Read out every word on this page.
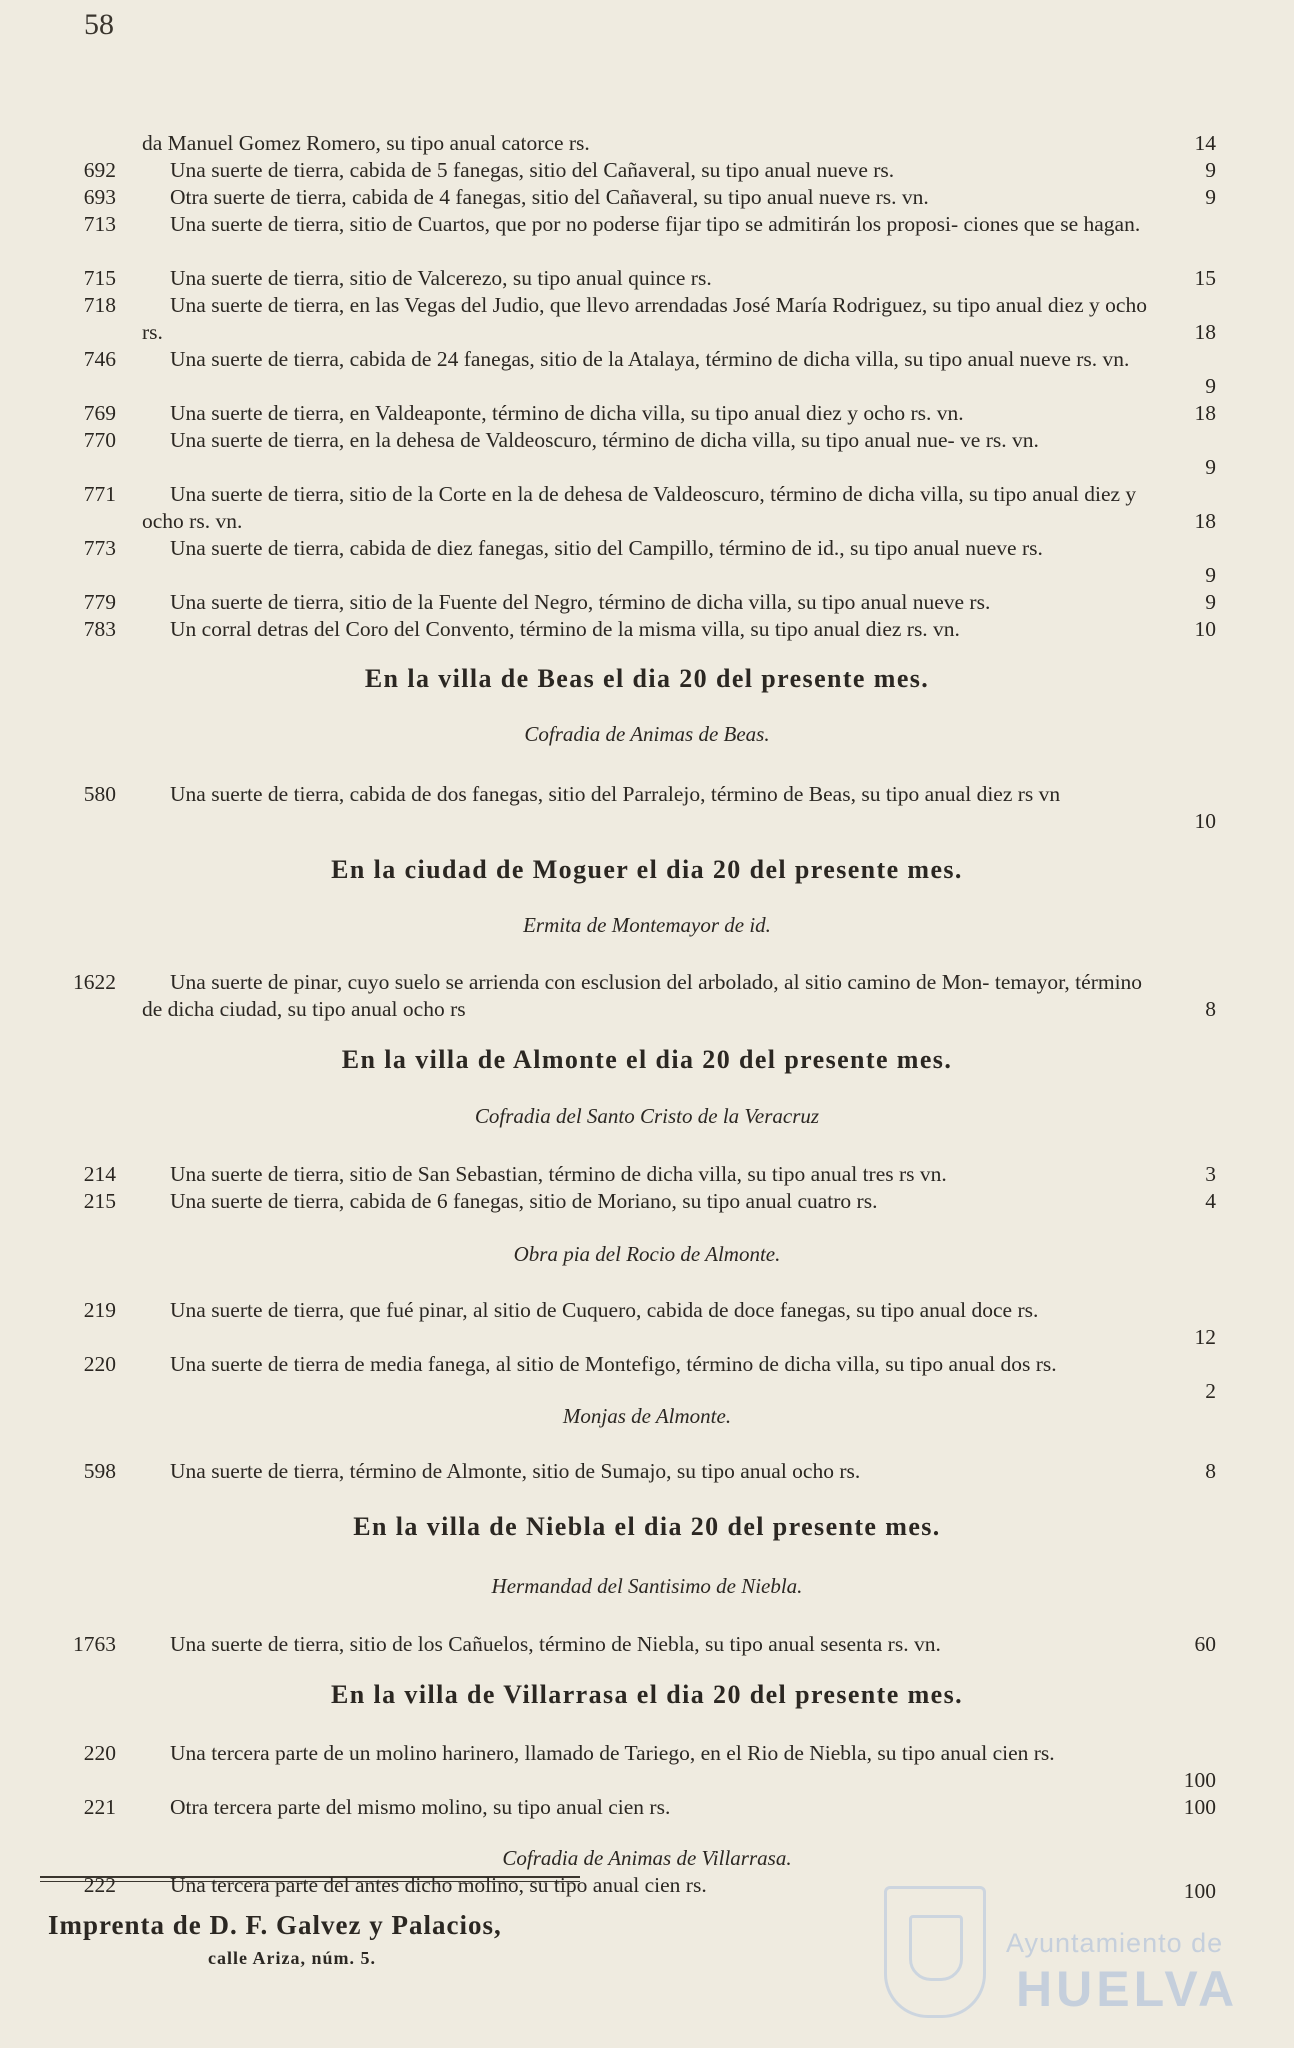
58
da Manuel Gomez Romero, su tipo anual catorce rs.	14
692	Una suerte de tierra, cabida de 5 fanegas, sitio del Cañaveral, su tipo anual nueve rs.	9
693	Otra suerte de tierra, cabida de 4 fanegas, sitio del Cañaveral, su tipo anual nueve rs. vn.	9
713	Una suerte de tierra, sitio de Cuartos, que por no poderse fijar tipo se admitirán los proposi- ciones que se hagan.
715	Una suerte de tierra, sitio de Valcerezo, su tipo anual quince rs.	15
718	Una suerte de tierra, en las Vegas del Judio, que llevo arrendadas José María Rodriguez, su tipo anual diez y ocho rs.	18
746	Una suerte de tierra, cabida de 24 fanegas, sitio de la Atalaya, término de dicha villa, su tipo anual nueve rs. vn.
9
769	Una suerte de tierra, en Valdeaponte, término de dicha villa, su tipo anual diez y ocho rs. vn.	18
770	Una suerte de tierra, en la dehesa de Valdeoscuro, término de dicha villa, su tipo anual nue- ve rs. vn.
9
771	Una suerte de tierra, sitio de la Corte en la de dehesa de Valdeoscuro, término de dicha villa, su tipo anual diez y ocho rs. vn.	18
773	Una suerte de tierra, cabida de diez fanegas, sitio del Campillo, término de id., su tipo anual nueve rs.
9
779	Una suerte de tierra, sitio de la Fuente del Negro, término de dicha villa, su tipo anual nueve rs.	9
783	Un corral detras del Coro del Convento, término de la misma villa, su tipo anual diez rs. vn.	10
En la villa de Beas el dia 20 del presente mes.
Cofradia de Animas de Beas.
580	Una suerte de tierra, cabida de dos fanegas, sitio del Parralejo, término de Beas, su tipo anual diez rs vn
10
En la ciudad de Moguer el dia 20 del presente mes.
Ermita de Montemayor de id.
1622	Una suerte de pinar, cuyo suelo se arrienda con esclusion del arbolado, al sitio camino de Mon- temayor, término de dicha ciudad, su tipo anual ocho rs	8
En la villa de Almonte el dia 20 del presente mes.
Cofradia del Santo Cristo de la Veracruz
214	Una suerte de tierra, sitio de San Sebastian, término de dicha villa, su tipo anual tres rs vn.	3
215	Una suerte de tierra, cabida de 6 fanegas, sitio de Moriano, su tipo anual cuatro rs.	4
Obra pia del Rocio de Almonte.
219	Una suerte de tierra, que fué pinar, al sitio de Cuquero, cabida de doce fanegas, su tipo anual doce rs.
12
220	Una suerte de tierra de media fanega, al sitio de Montefigo, término de dicha villa, su tipo anual dos rs.
2
Monjas de Almonte.
598	Una suerte de tierra, término de Almonte, sitio de Sumajo, su tipo anual ocho rs.	8
En la villa de Niebla el dia 20 del presente mes.
Hermandad del Santisimo de Niebla.
1763	Una suerte de tierra, sitio de los Cañuelos, término de Niebla, su tipo anual sesenta rs. vn.	60
En la villa de Villarrasa el dia 20 del presente mes.
220	Una tercera parte de un molino harinero, llamado de Tariego, en el Rio de Niebla, su tipo anual cien rs.
100
221	Otra tercera parte del mismo molino, su tipo anual cien rs.	100
Cofradia de Animas de Villarrasa.
222	Una tercera parte del antes dicho molino, su tipo anual cien rs.	100
Imprenta de D. F. Galvez y Palacios,
calle Ariza, núm. 5.	Ayuntamiento de
HUELVA
